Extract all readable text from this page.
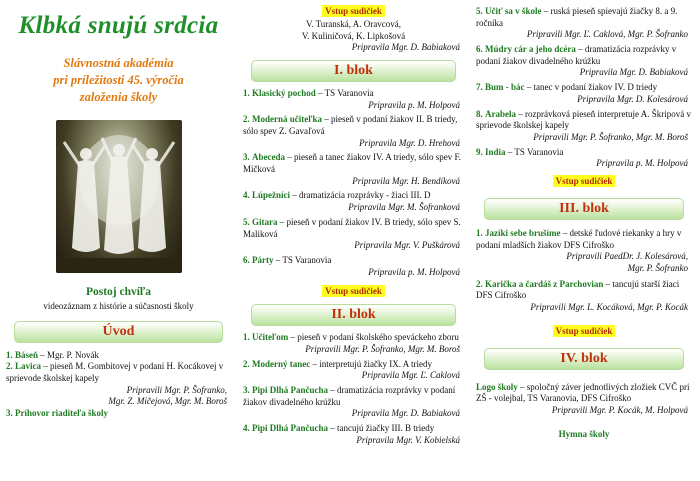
Klbká snujú srdcia
Slávnostná akadémia
pri príležitosti 45. výročia
založenia školy
Postoj chvíľa
videozáznam z histórie a súčasnosti školy
Úvod
1. Báseň – Mgr. P. Novák
2. Lavica – pieseň M. Gombitovej v podaní H. Kocákovej v sprievode školskej kapely
Pripravili Mgr. P. Šofranko,
Mgr. Z. Mičejová, Mgr. M. Boroš
3. Príhovor riaditeľa školy
Vstup sudičiek
V. Turanská, A. Oravcová,
V. Kuliničová, K. Lipkošová
Pripravila Mgr. D. Babiaková
I. blok
1. Klasický pochod – TS Varanovia
Pripravila p. M. Holpová
2. Moderná učiteľka – pieseň v podaní žiakov II. B triedy, sólo spev Z. Gavaľová
Pripravila Mgr. D. Hrehová
3. Abeceda – pieseň a tanec žiakov IV. A triedy, sólo spev F. Mičková
Pripravila Mgr. H. Bendíková
4. Lúpežníci – dramatizácia rozprávky - žiaci III. D
Pripravila Mgr. M. Šofranková
5. Gitara – pieseň v podaní žiakov IV. B triedy, sólo spev S. Maliková
Pripravila Mgr. V. Puškárová
6. Párty – TS Varanovia
Pripravila p. M. Holpová
Vstup sudičiek
II. blok
1. Učiteľom – pieseň v podaní školského speváckeho zboru
Pripravili Mgr. P. Šofranko, Mgr. M. Boroš
2. Moderný tanec – interpretujú žiačky IX. A triedy
Pripravila Mgr. Ľ. Caklová
3. Pipi Dlhá Pančucha – dramatizácia rozprávky v podaní žiakov divadelného krúžku
Pripravila Mgr. D. Babiaková
4. Pipi Dlhá Pančucha – tancujú žiačky III. B triedy
Pripravila Mgr. V. Kobielská
5. Učiť sa v škole – ruská pieseň spievajú žiačky 8. a 9. ročníka
Pripravili Mgr. Ľ. Caklová, Mgr. P. Šofranko
6. Múdry cár a jeho dcéra – dramatizácia rozprávky v podaní žiakov divadelného krúžku
Pripravila Mgr. D. Babiaková
7. Bum - bác – tanec v podaní žiakov IV. D triedy
Pripravila Mgr. D. Kolesárová
8. Arabela – rozprávková pieseň interpretuje A. Škripová v sprievode školskej kapely
Pripravili Mgr. P. Šofranko, Mgr. M. Boroš
9. India – TS Varanovia
Pripravila p. M. Holpová
Vstup sudičiek
III. blok
1. Jazíki sebe brušíme – detské ľudové riekanky a hry v podaní mladších žiakov DFS Cifroško
Pripravili PaedDr. J. Kolesárová,
Mgr. P. Šofranko
2. Karička a čardáš z Parchovian – tancujú starší žiaci DFS Cifroško
Pripravili Mgr. L. Kocáková, Mgr. P. Kocák
Vstup sudičiek
IV. blok
Logo školy – spoločný záver jednotlivých zložiek CVČ pri ZŠ - volejbal, TS Varanovia, DFS Cifroško
Pripravili Mgr. P. Kocák, M. Holpová
Hymna školy
